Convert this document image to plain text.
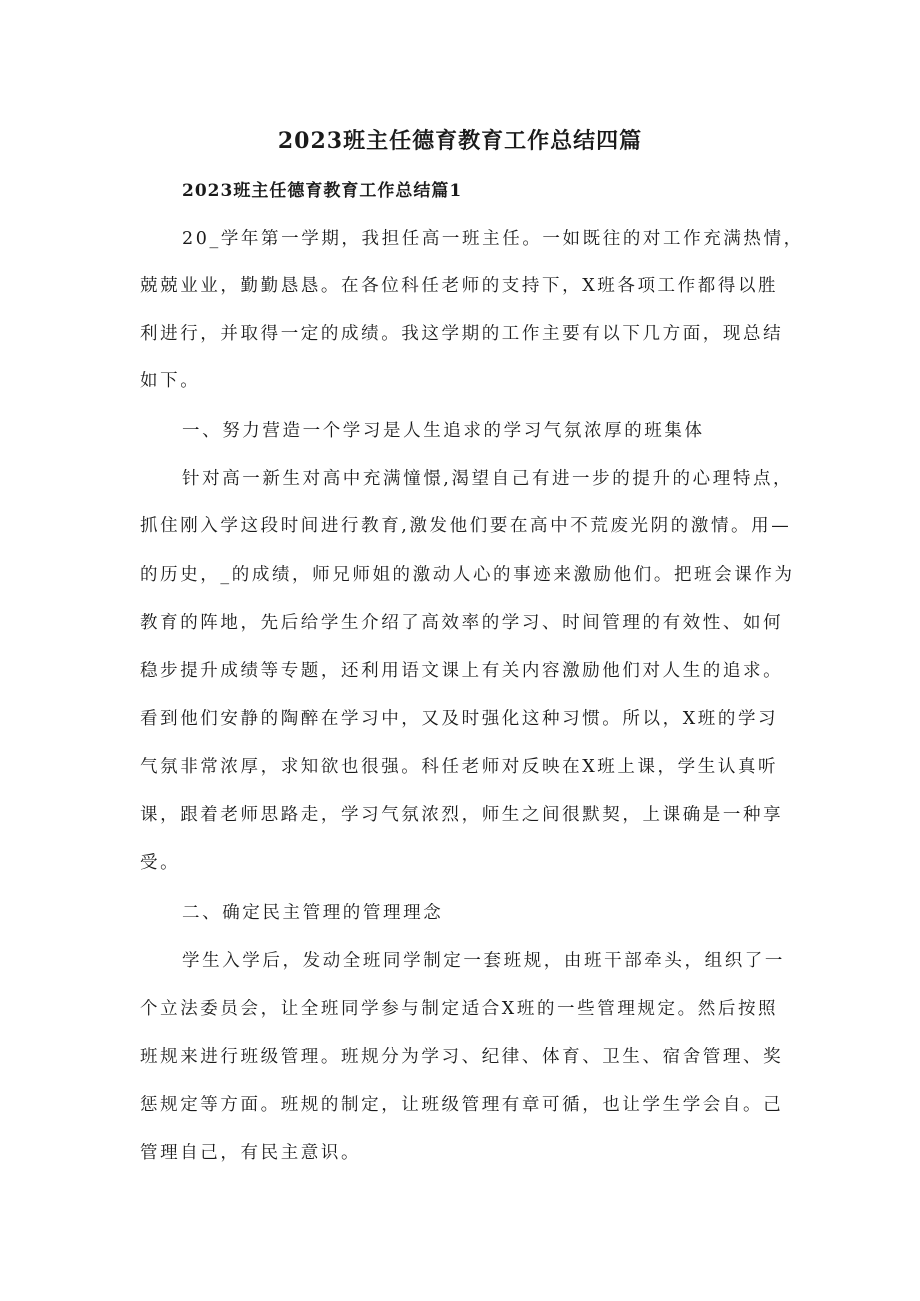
2023班主任德育教育工作总结四篇
2023班主任德育教育工作总结篇1
20_学年第一学期，我担任高一班主任。一如既往的对工作充满热情，
兢兢业业，勤勤恳恳。在各位科任老师的支持下，X班各项工作都得以胜
利进行，并取得一定的成绩。我这学期的工作主要有以下几方面，现总结
如下。
一、努力营造一个学习是人生追求的学习气氛浓厚的班集体
针对高一新生对高中充满憧憬,渴望自己有进一步的提升的心理特点，
抓住刚入学这段时间进行教育,激发他们要在高中不荒废光阴的激情。用—
的历史，_的成绩，师兄师姐的激动人心的事迹来激励他们。把班会课作为
教育的阵地，先后给学生介绍了高效率的学习、时间管理的有效性、如何
稳步提升成绩等专题，还利用语文课上有关内容激励他们对人生的追求。
看到他们安静的陶醉在学习中，又及时强化这种习惯。所以，X班的学习
气氛非常浓厚，求知欲也很强。科任老师对反映在X班上课，学生认真听
课，跟着老师思路走，学习气氛浓烈，师生之间很默契，上课确是一种享
受。
二、确定民主管理的管理理念
学生入学后，发动全班同学制定一套班规，由班干部牵头，组织了一
个立法委员会，让全班同学参与制定适合X班的一些管理规定。然后按照
班规来进行班级管理。班规分为学习、纪律、体育、卫生、宿舍管理、奖
惩规定等方面。班规的制定，让班级管理有章可循，也让学生学会自。己
管理自己，有民主意识。
